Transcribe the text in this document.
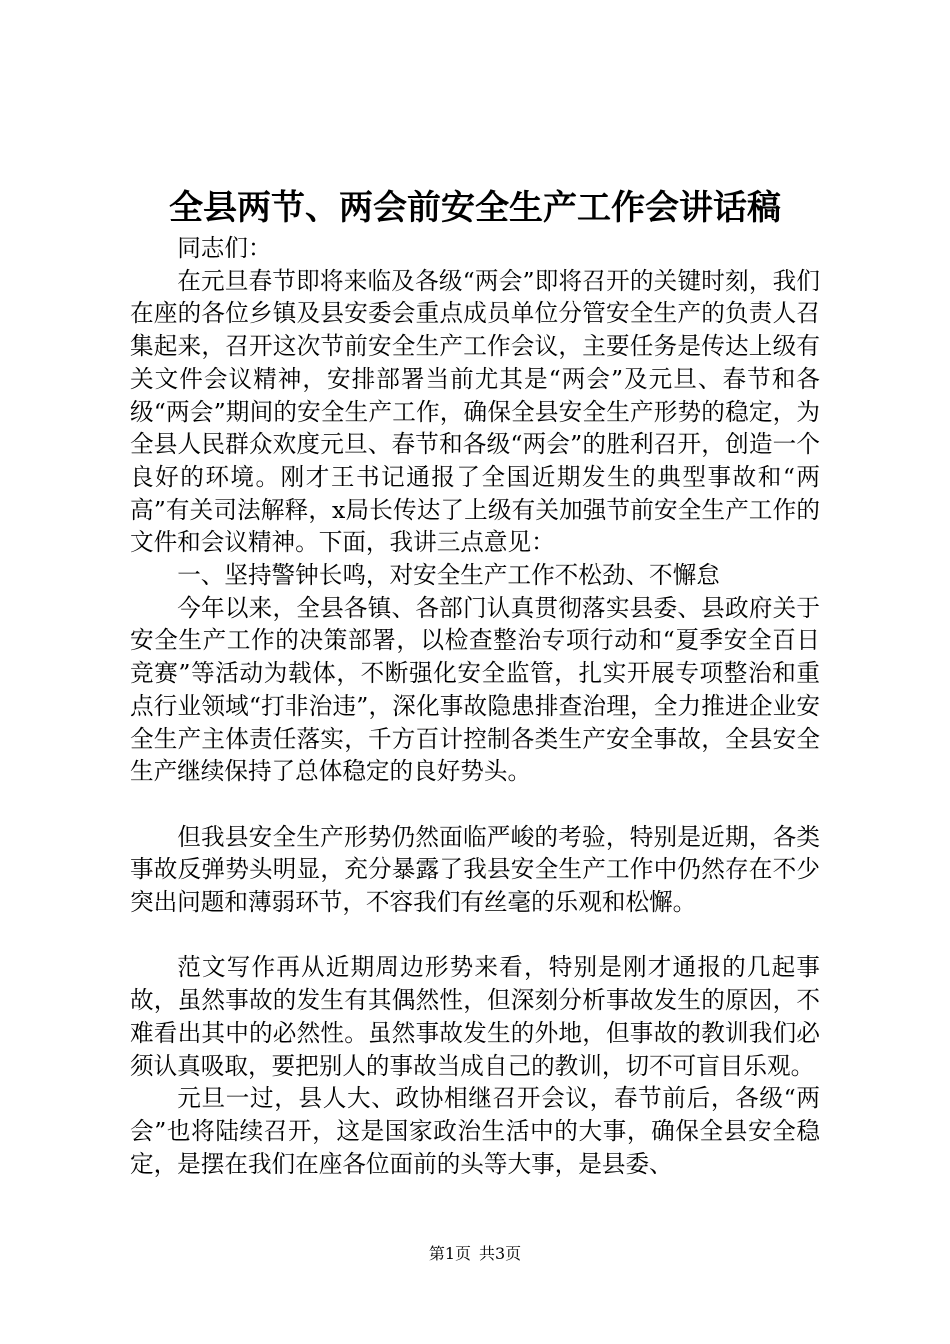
全县两节、两会前安全生产工作会讲话稿

同志们：

在元旦春节即将来临及各级“两会”即将召开的关键时刻，我们在座的各位乡镇及县安委会重点成员单位分管安全生产的负责人召集起来，召开这次节前安全生产工作会议，主要任务是传达上级有关文件会议精神，安排部署当前尤其是“两会”及元旦、春节和各级“两会”期间的安全生产工作，确保全县安全生产形势的稳定，为全县人民群众欢度元旦、春节和各级“两会”的胜利召开，创造一个良好的环境。刚才王书记通报了全国近期发生的典型事故和“两高”有关司法解释，x局长传达了上级有关加强节前安全生产工作的文件和会议精神。下面，我讲三点意见：

一、坚持警钟长鸣，对安全生产工作不松劲、不懈怠

今年以来，全县各镇、各部门认真贯彻落实县委、县政府关于安全生产工作的决策部署，以检查整治专项行动和“夏季安全百日竞赛”等活动为载体，不断强化安全监管，扎实开展专项整治和重点行业领域“打非治违”，深化事故隐患排查治理，全力推进企业安全生产主体责任落实，千方百计控制各类生产安全事故，全县安全生产继续保持了总体稳定的良好势头。

但我县安全生产形势仍然面临严峻的考验，特别是近期，各类事故反弹势头明显，充分暴露了我县安全生产工作中仍然存在不少突出问题和薄弱环节，不容我们有丝毫的乐观和松懈。

范文写作再从近期周边形势来看，特别是刚才通报的几起事故，虽然事故的发生有其偶然性，但深刻分析事故发生的原因，不难看出其中的必然性。虽然事故发生的外地，但事故的教训我们必须认真吸取，要把别人的事故当成自己的教训，切不可盲目乐观。

元旦一过，县人大、政协相继召开会议，春节前后，各级“两会”也将陆续召开，这是国家政治生活中的大事，确保全县安全稳定，是摆在我们在座各位面前的头等大事，是县委、

第1页 共3页
